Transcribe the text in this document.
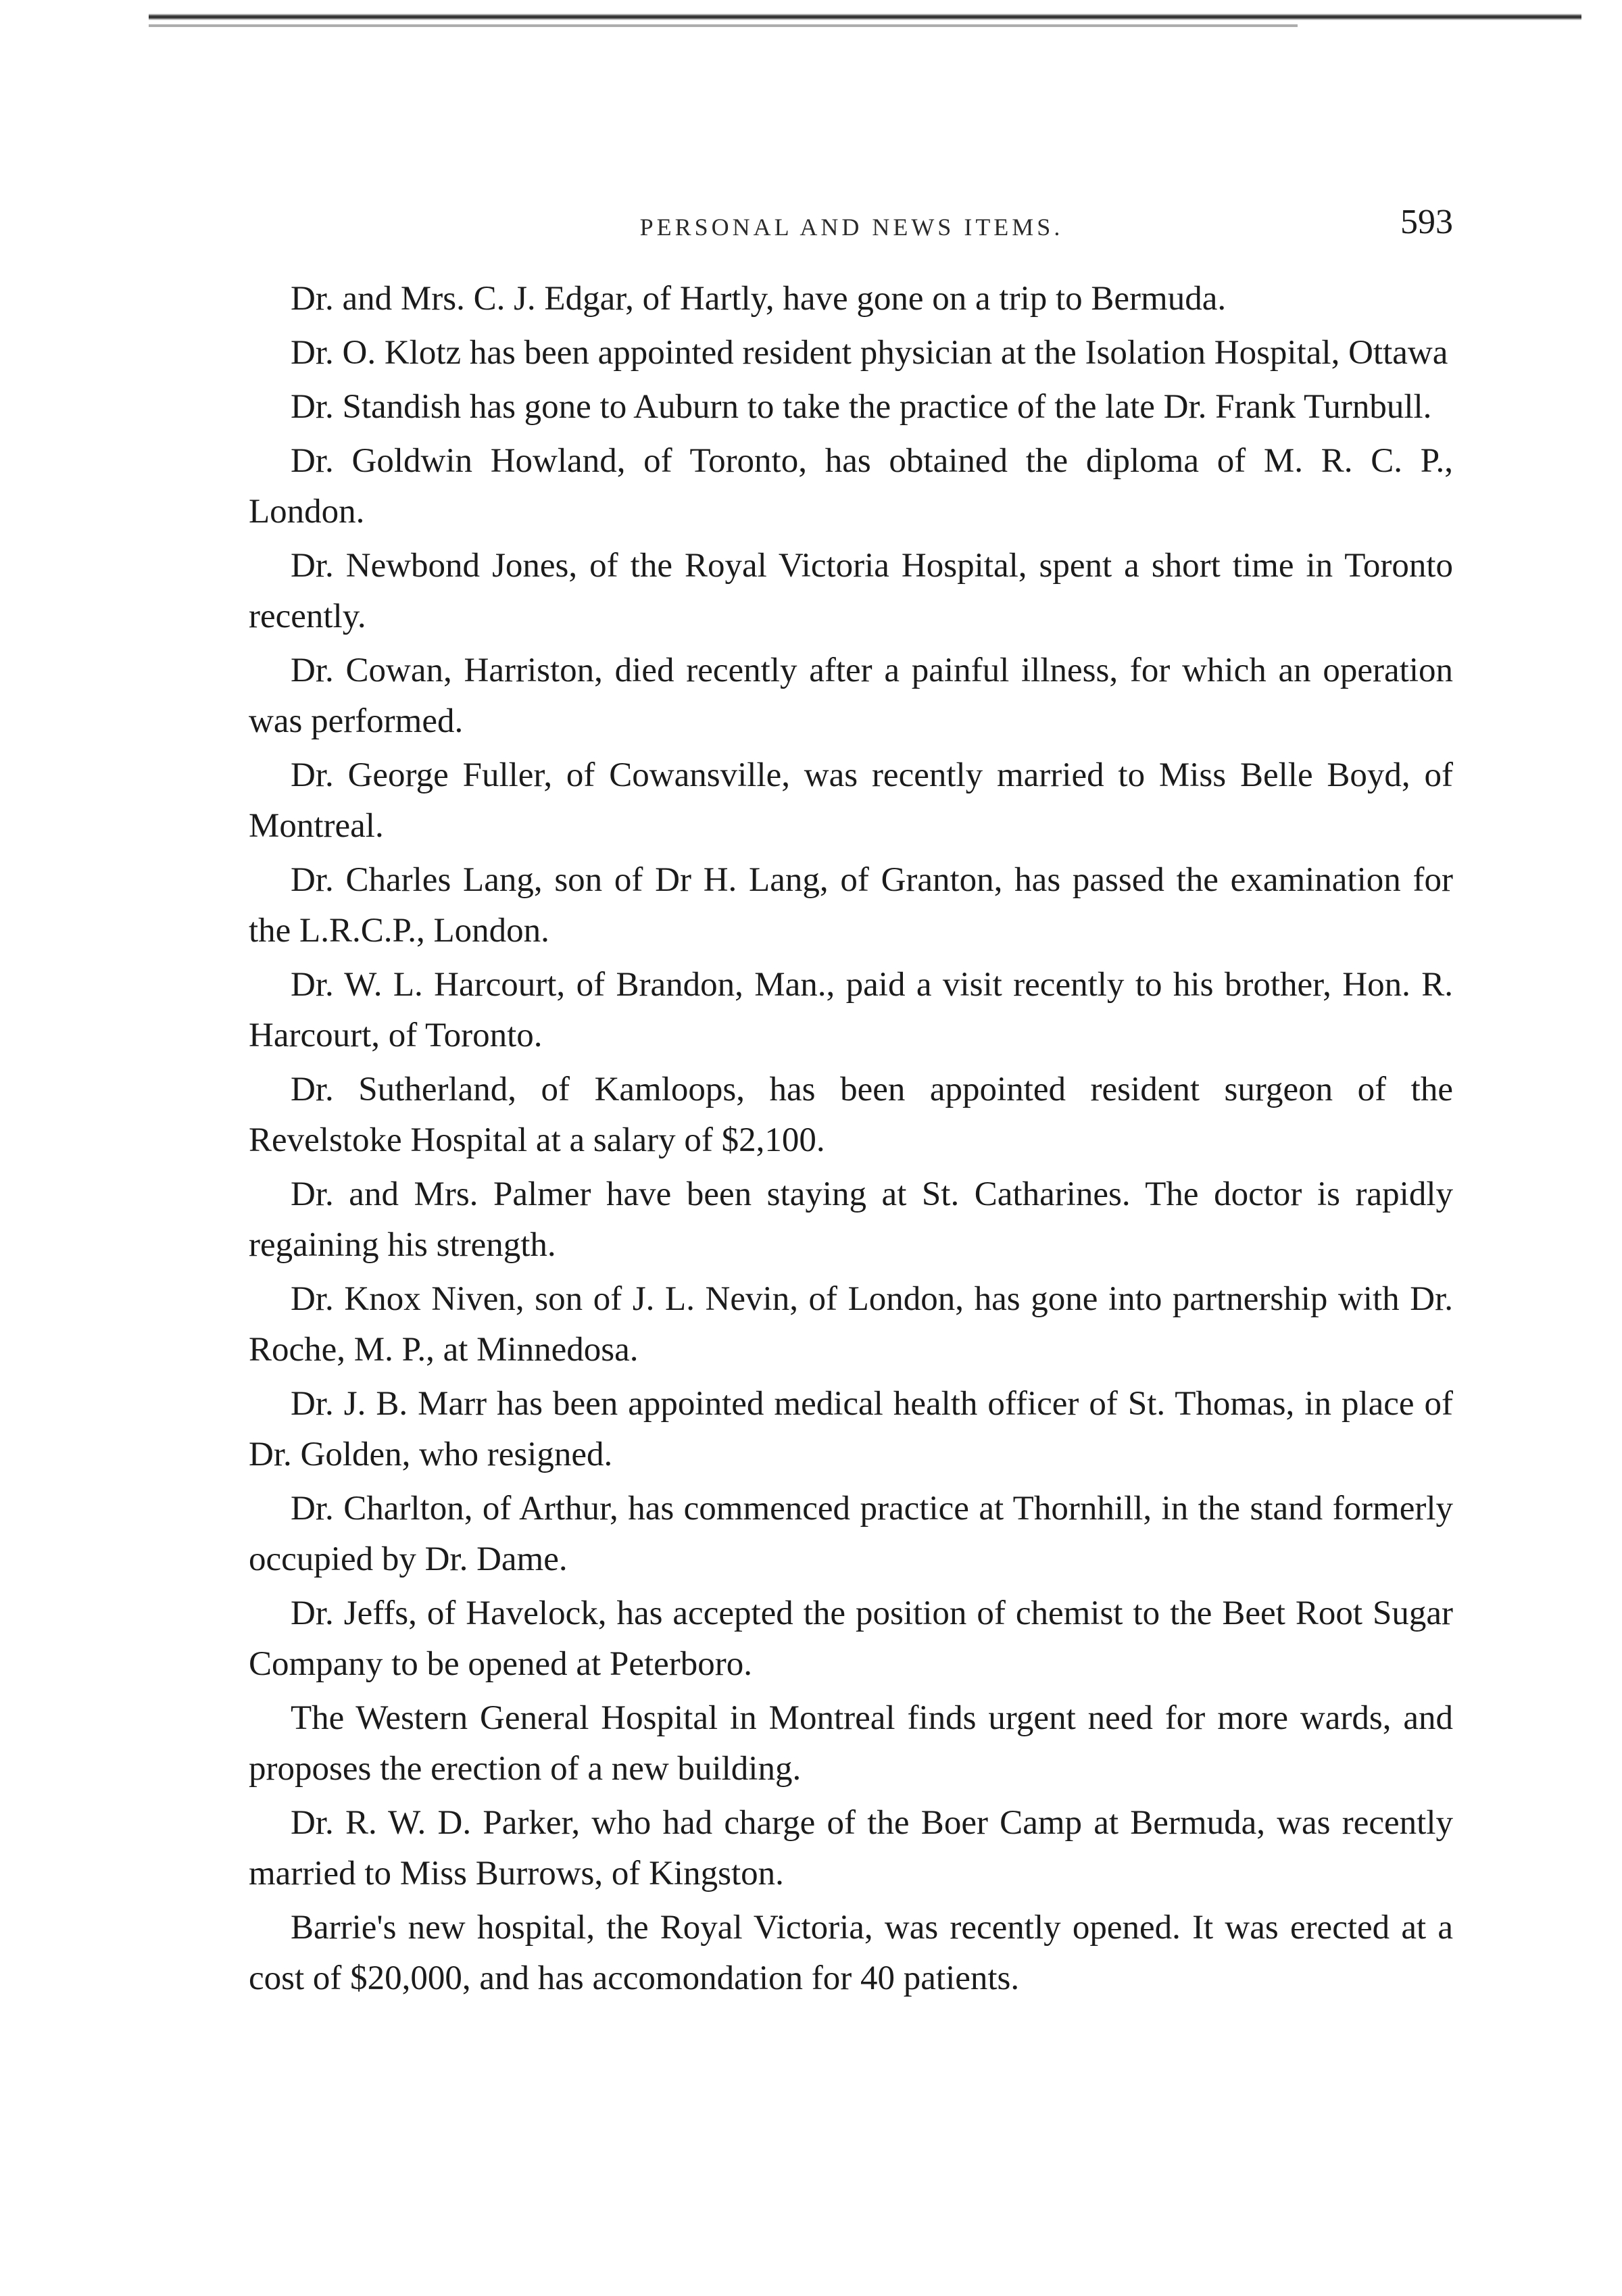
PERSONAL AND NEWS ITEMS.	593

Dr. and Mrs. C. J. Edgar, of Hartly, have gone on a trip to Bermuda.

Dr. O. Klotz has been appointed resident physician at the Isolation Hospital, Ottawa

Dr. Standish has gone to Auburn to take the practice of the late Dr. Frank Turnbull.

Dr. Goldwin Howland, of Toronto, has obtained the diploma of M. R. C. P., London.

Dr. Newbond Jones, of the Royal Victoria Hospital, spent a short time in Toronto recently.

Dr. Cowan, Harriston, died recently after a painful illness, for which an operation was performed.

Dr. George Fuller, of Cowansville, was recently married to Miss Belle Boyd, of Montreal.

Dr. Charles Lang, son of Dr H. Lang, of Granton, has passed the examination for the L.R.C.P., London.

Dr. W. L. Harcourt, of Brandon, Man., paid a visit recently to his brother, Hon. R. Harcourt, of Toronto.

Dr. Sutherland, of Kamloops, has been appointed resident surgeon of the Revelstoke Hospital at a salary of $2,100.

Dr. and Mrs. Palmer have been staying at St. Catharines. The doctor is rapidly regaining his strength.

Dr. Knox Niven, son of J. L. Nevin, of London, has gone into partnership with Dr. Roche, M. P., at Minnedosa.

Dr. J. B. Marr has been appointed medical health officer of St. Thomas, in place of Dr. Golden, who resigned.

Dr. Charlton, of Arthur, has commenced practice at Thornhill, in the stand formerly occupied by Dr. Dame.

Dr. Jeffs, of Havelock, has accepted the position of chemist to the Beet Root Sugar Company to be opened at Peterboro.

The Western General Hospital in Montreal finds urgent need for more wards, and proposes the erection of a new building.

Dr. R. W. D. Parker, who had charge of the Boer Camp at Bermuda, was recently married to Miss Burrows, of Kingston.

Barrie's new hospital, the Royal Victoria, was recently opened. It was erected at a cost of $20,000, and has accomondation for 40 patients.
